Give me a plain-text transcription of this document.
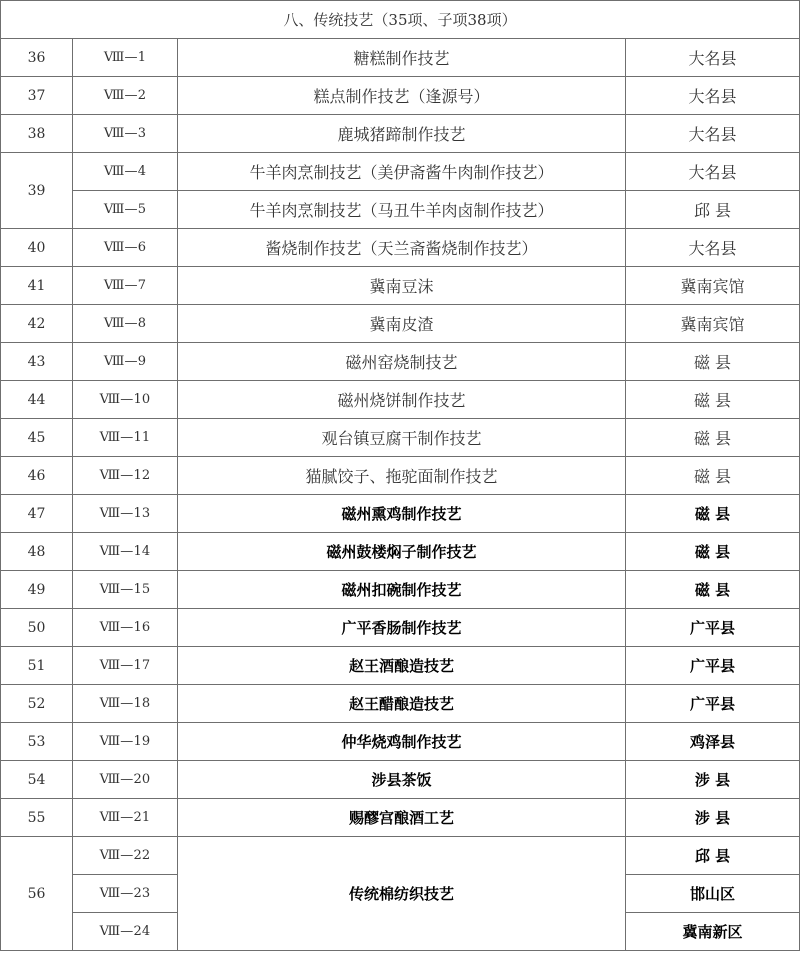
八、传统技艺（35项、子项38项）			
36	Ⅷ—1	糖糕制作技艺	大名县
37	Ⅷ—2	糕点制作技艺（逢源号）	大名县
38	Ⅷ—3	鹿城猪蹄制作技艺	大名县
39	Ⅷ—4	牛羊肉烹制技艺（美伊斋酱牛肉制作技艺）	大名县
	Ⅷ—5	牛羊肉烹制技艺（马丑牛羊肉卤制作技艺）	邱 县
40	Ⅷ—6	酱烧制作技艺（天兰斋酱烧制作技艺）	大名县
41	Ⅷ—7	冀南豆沫	冀南宾馆
42	Ⅷ—8	冀南皮渣	冀南宾馆
43	Ⅷ—9	磁州窑烧制技艺	磁 县
44	Ⅷ—10	磁州烧饼制作技艺	磁 县
45	Ⅷ—11	观台镇豆腐干制作技艺	磁 县
46	Ⅷ—12	猫腻饺子、拖驼面制作技艺	磁 县
47	Ⅷ—13	磁州熏鸡制作技艺	磁 县
48	Ⅷ—14	磁州鼓楼焖子制作技艺	磁 县
49	Ⅷ—15	磁州扣碗制作技艺	磁 县
50	Ⅷ—16	广平香肠制作技艺	广平县
51	Ⅷ—17	赵王酒酿造技艺	广平县
52	Ⅷ—18	赵王醋酿造技艺	广平县
53	Ⅷ—19	仲华烧鸡制作技艺	鸡泽县
54	Ⅷ—20	涉县茶饭	涉 县
55	Ⅷ—21	赐醪宫酿酒工艺	涉 县
56	Ⅷ—22	传统棉纺织技艺	邱 县
	Ⅷ—23		邯山区
	Ⅷ—24		冀南新区
